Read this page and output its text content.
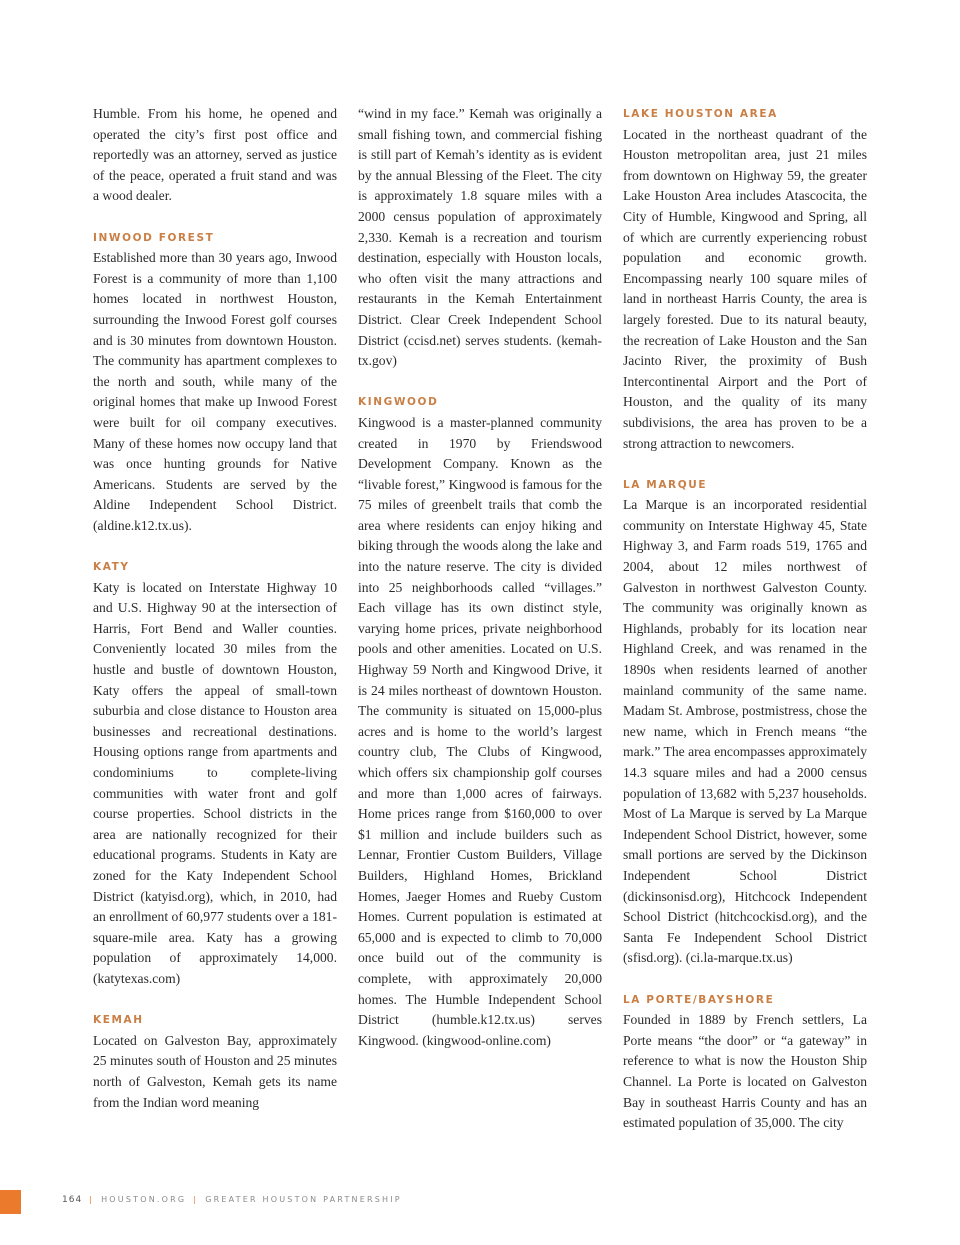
Humble. From his home, he opened and operated the city’s first post office and reportedly was an attorney, served as justice of the peace, operated a fruit stand and was a wood dealer.

INWOOD FOREST

Established more than 30 years ago, Inwood Forest is a community of more than 1,100 homes located in northwest Houston, surrounding the Inwood Forest golf courses and is 30 minutes from downtown Houston. The community has apartment complexes to the north and south, while many of the original homes that make up Inwood Forest were built for oil company executives. Many of these homes now occupy land that was once hunting grounds for Native Americans. Students are served by the Aldine Independent School District. (aldine.k12.tx.us).

KATY

Katy is located on Interstate Highway 10 and U.S. Highway 90 at the intersection of Harris, Fort Bend and Waller counties. Conveniently located 30 miles from the hustle and bustle of downtown Houston, Katy offers the appeal of small-town suburbia and close distance to Houston area businesses and recreational destinations. Housing options range from apartments and condominiums to complete-living communities with water front and golf course properties. School districts in the area are nationally recognized for their educational programs. Students in Katy are zoned for the Katy Independent School District (katyisd.org), which, in 2010, had an enrollment of 60,977 students over a 181-square-mile area. Katy has a growing population of approximately 14,000. (katytexas.com)

KEMAH

Located on Galveston Bay, approximately 25 minutes south of Houston and 25 minutes north of Galveston, Kemah gets its name from the Indian word meaning

“wind in my face.” Kemah was originally a small fishing town, and commercial fishing is still part of Kemah’s identity as is evident by the annual Blessing of the Fleet. The city is approximately 1.8 square miles with a 2000 census population of approximately 2,330. Kemah is a recreation and tourism destination, especially with Houston locals, who often visit the many attractions and restaurants in the Kemah Entertainment District. Clear Creek Independent School District (ccisd.net) serves students. (kemah-tx.gov)

KINGWOOD

Kingwood is a master-planned community created in 1970 by Friendswood Development Company. Known as the “livable forest,” Kingwood is famous for the 75 miles of greenbelt trails that comb the area where residents can enjoy hiking and biking through the woods along the lake and into the nature reserve. The city is divided into 25 neighborhoods called “villages.” Each village has its own distinct style, varying home prices, private neighborhood pools and other amenities. Located on U.S. Highway 59 North and Kingwood Drive, it is 24 miles northeast of downtown Houston. The community is situated on 15,000-plus acres and is home to the world’s largest country club, The Clubs of Kingwood, which offers six championship golf courses and more than 1,000 acres of fairways. Home prices range from $160,000 to over $1 million and include builders such as Lennar, Frontier Custom Builders, Village Builders, Highland Homes, Brickland Homes, Jaeger Homes and Rueby Custom Homes. Current population is estimated at 65,000 and is expected to climb to 70,000 once build out of the community is complete, with approximately 20,000 homes. The Humble Independent School District (humble.k12.tx.us) serves Kingwood. (kingwood-online.com)

LAKE HOUSTON AREA

Located in the northeast quadrant of the Houston metropolitan area, just 21 miles from downtown on Highway 59, the greater Lake Houston Area includes Atascocita, the City of Humble, Kingwood and Spring, all of which are currently experiencing robust population and economic growth. Encompassing nearly 100 square miles of land in northeast Harris County, the area is largely forested. Due to its natural beauty, the recreation of Lake Houston and the San Jacinto River, the proximity of Bush Intercontinental Airport and the Port of Houston, and the quality of its many subdivisions, the area has proven to be a strong attraction to newcomers.

LA MARQUE

La Marque is an incorporated residential community on Interstate Highway 45, State Highway 3, and Farm roads 519, 1765 and 2004, about 12 miles northwest of Galveston in northwest Galveston County. The community was originally known as Highlands, probably for its location near Highland Creek, and was renamed in the 1890s when residents learned of another mainland community of the same name. Madam St. Ambrose, postmistress, chose the new name, which in French means “the mark.” The area encompasses approximately 14.3 square miles and had a 2000 census population of 13,682 with 5,237 households. Most of La Marque is served by La Marque Independent School District, however, some small portions are served by the Dickinson Independent School District (dickinsonisd.org), Hitchcock Independent School District (hitchcockisd.org), and the Santa Fe Independent School District (sfisd.org). (ci.la-marque.tx.us)

LA PORTE/BAYSHORE

Founded in 1889 by French settlers, La Porte means “the door” or “a gateway” in reference to what is now the Houston Ship Channel. La Porte is located on Galveston Bay in southeast Harris County and has an estimated population of 35,000. The city

164 | HOUSTON.ORG | GREATER HOUSTON PARTNERSHIP
